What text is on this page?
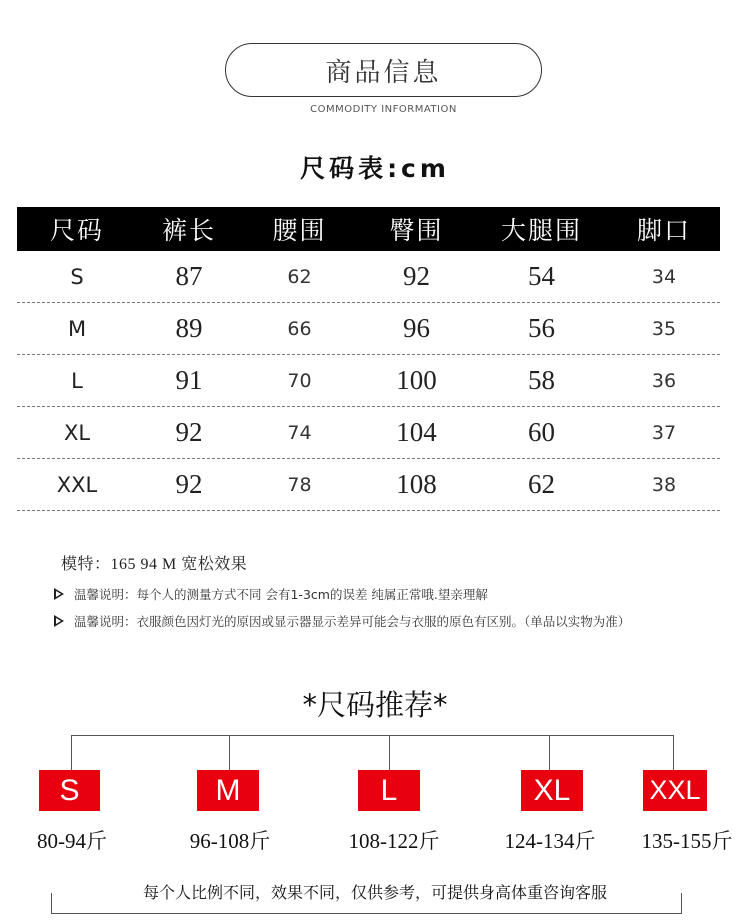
商品信息
COMMODITY INFORMATION
尺码表:cm
尺码	裤长	腰围	臀围	大腿围	脚口
S	87	62	92	54	34
M	89	66	96	56	35
L	91	70	100	58	36
XL	92	74	104	60	37
XXL	92	78	108	62	38
模特：165 94 M 宽松效果
温馨说明：每个人的测量方式不同 会有1-3cm的误差 纯属正常哦.望亲理解
温馨说明：衣服颜色因灯光的原因或显示器显示差异可能会与衣服的原色有区别。（单品以实物为准）
*尺码推荐*
S	M	L	XL	XXL
80-94斤	96-108斤	108-122斤	124-134斤	135-155斤
每个人比例不同，效果不同，仅供参考，可提供身高体重咨询客服
